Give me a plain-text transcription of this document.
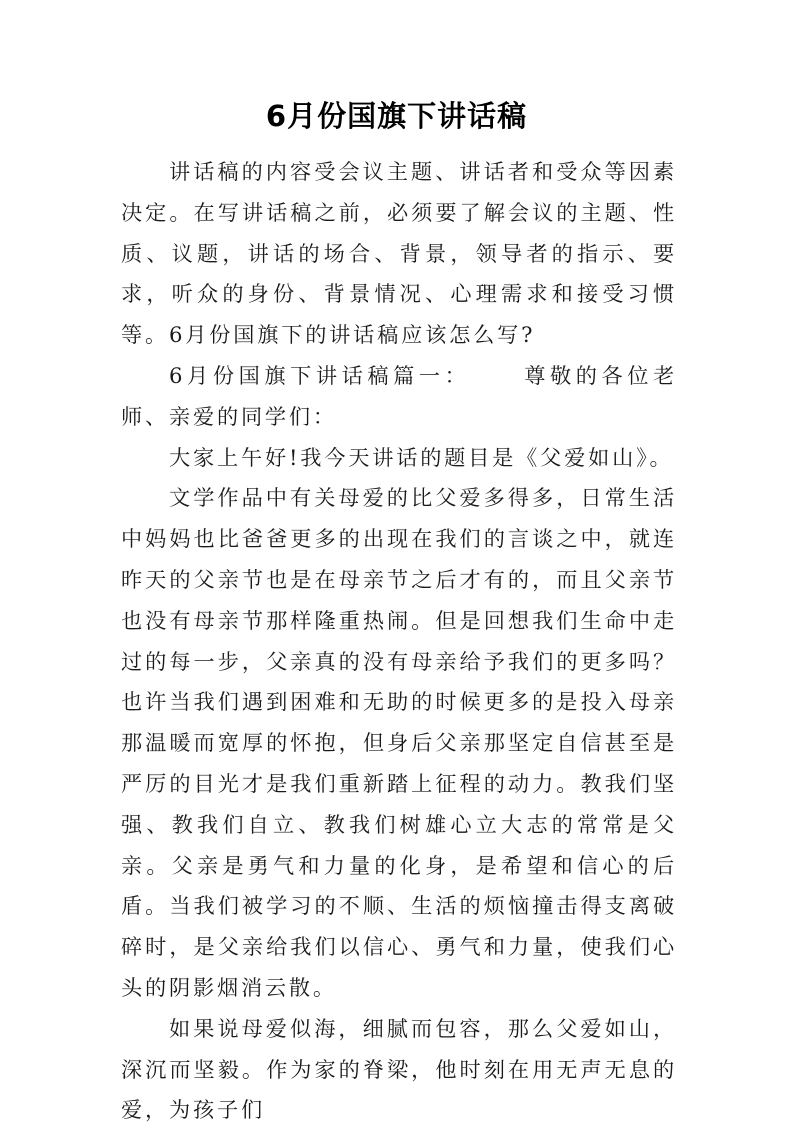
6月份国旗下讲话稿

讲话稿的内容受会议主题、讲话者和受众等因素决定。在写讲话稿之前，必须要了解会议的主题、性质、议题，讲话的场合、背景，领导者的指示、要求，听众的身份、背景情况、心理需求和接受习惯等。6月份国旗下的讲话稿应该怎么写?

6月份国旗下讲话稿篇一： 尊敬的各位老师、亲爱的同学们：

大家上午好!我今天讲话的题目是《父爱如山》。

文学作品中有关母爱的比父爱多得多，日常生活中妈妈也比爸爸更多的出现在我们的言谈之中，就连昨天的父亲节也是在母亲节之后才有的，而且父亲节也没有母亲节那样隆重热闹。但是回想我们生命中走过的每一步，父亲真的没有母亲给予我们的更多吗？也许当我们遇到困难和无助的时候更多的是投入母亲那温暖而宽厚的怀抱，但身后父亲那坚定自信甚至是严厉的目光才是我们重新踏上征程的动力。教我们坚强、教我们自立、教我们树雄心立大志的常常是父亲。父亲是勇气和力量的化身，是希望和信心的后盾。当我们被学习的不顺、生活的烦恼撞击得支离破碎时，是父亲给我们以信心、勇气和力量，使我们心头的阴影烟消云散。

如果说母爱似海，细腻而包容，那么父爱如山，深沉而坚毅。作为家的脊梁，他时刻在用无声无息的爱，为孩子们
